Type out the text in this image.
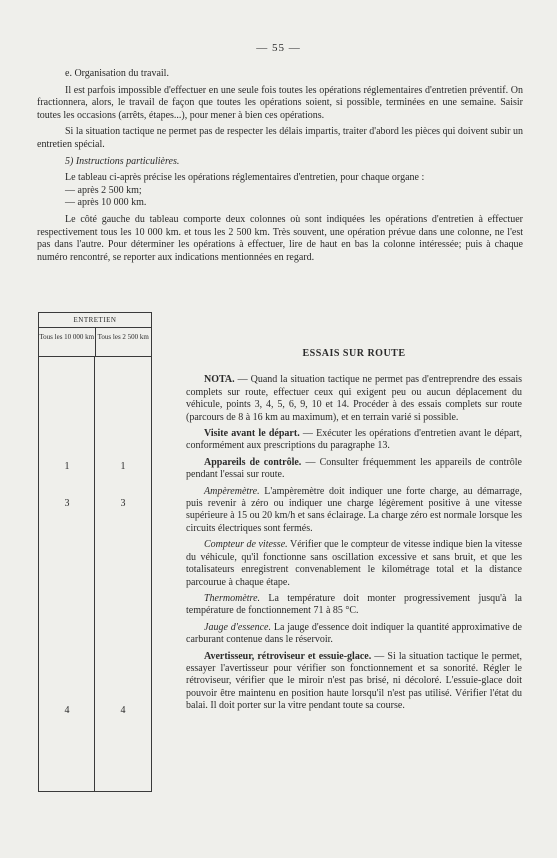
— 55 —

e. Organisation du travail.

Il est parfois impossible d'effectuer en une seule fois toutes les opérations réglementaires d'entretien préventif. On fractionnera, alors, le travail de façon que toutes les opérations soient, si possible, terminées en une semaine. Saisir toutes les occasions (arrêts, étapes...), pour mener à bien ces opérations.

Si la situation tactique ne permet pas de respecter les délais impartis, traiter d'abord les pièces qui doivent subir un entretien spécial.

5) Instructions particulières.

Le tableau ci-après précise les opérations réglementaires d'entretien, pour chaque organe :

— après 2 500 km;
— après 10 000 km.

Le côté gauche du tableau comporte deux colonnes où sont indiquées les opérations d'entretien à effectuer respectivement tous les 10 000 km. et tous les 2 500 km. Très souvent, une opération prévue dans une colonne, ne l'est pas dans l'autre. Pour déterminer les opérations à effectuer, lire de haut en bas la colonne intéressée; puis à chaque numéro rencontré, se reporter aux indications mentionnées en regard.

ENTRETIEN
Tous les 10 000 km Tous les 2 500 km
1	1
3	3
4	4
ESSAIS SUR ROUTE

NOTA. — Quand la situation tactique ne permet pas d'entreprendre des essais complets sur route, effectuer ceux qui exigent peu ou aucun déplacement du véhicule, points 3, 4, 5, 6, 9, 10 et 14. Procéder à des essais complets sur route (parcours de 8 à 16 km au maximum), et en terrain varié si possible.

Visite avant le départ. — Exécuter les opérations d'entretien avant le départ, conformément aux prescriptions du paragraphe 13.

Appareils de contrôle. — Consulter fréquemment les appareils de contrôle pendant l'essai sur route.

Ampèremètre. L'ampèremètre doit indiquer une forte charge, au démarrage, puis revenir à zéro ou indiquer une charge légèrement positive à une vitesse supérieure à 15 ou 20 km/h et sans éclairage. La charge zéro est normale lorsque les circuits électriques sont fermés.

Compteur de vitesse. Vérifier que le compteur de vitesse indique bien la vitesse du véhicule, qu'il fonctionne sans oscillation excessive et sans bruit, et que les totalisateurs enregistrent convenablement le kilométrage total et la distance parcourue à chaque étape.

Thermomètre. La température doit monter progressivement jusqu'à la température de fonctionnement 71 à 85 °C.

Jauge d'essence. La jauge d'essence doit indiquer la quantité approximative de carburant contenue dans le réservoir.

Avertisseur, rétroviseur et essuie-glace. — Si la situation tactique le permet, essayer l'avertisseur pour vérifier son fonctionnement et sa sonorité. Régler le rétroviseur, vérifier que le miroir n'est pas brisé, ni décoloré. L'essuie-glace doit pouvoir être maintenu en position haute lorsqu'il n'est pas utilisé. Vérifier l'état du balai. Il doit porter sur la vitre pendant toute sa course.
